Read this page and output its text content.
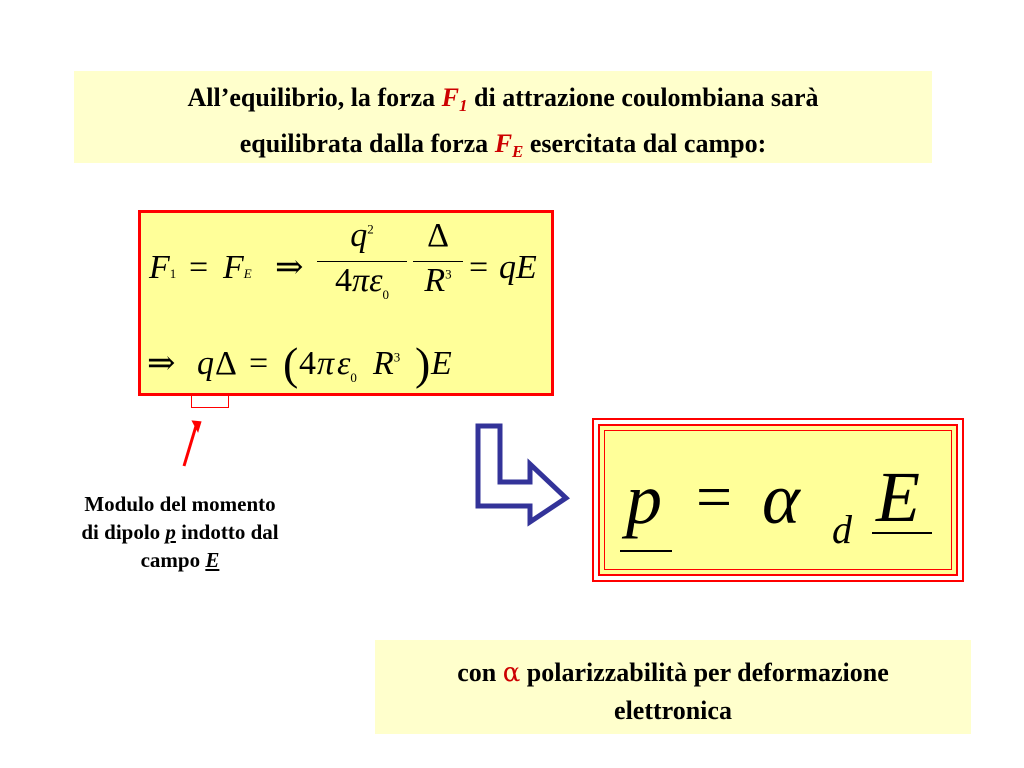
All’equilibrio, la forza $F_1$ di attrazione coulombiana sarà
equilibrata dalla forza $F_E$ esercitata dal campo:
F1 = FE ⇒
$q^2$
$4\pi\varepsilon_0$
Δ
$R^3$ = qE
⇒ q Δ = ( 4 π $\varepsilon_0$ $R^3$ ) E
Modulo del momento
di dipolo p indotto dal
campo E
p = α d E
con α polarizzabilità per deformazione
elettronica
